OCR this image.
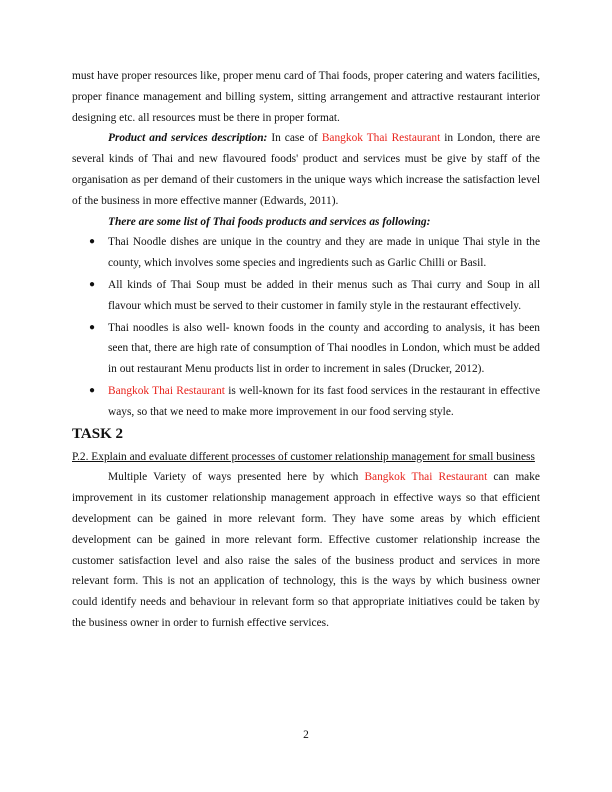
must have proper resources like, proper menu card of Thai foods, proper catering and waters facilities, proper finance management and billing system, sitting arrangement and attractive restaurant interior designing etc. all resources must be there in proper format.

Product and services description: In case of Bangkok Thai Restaurant in London, there are several kinds of Thai and new flavoured foods' product and services must be give by staff of the organisation as per demand of their customers in the unique ways which increase the satisfaction level of the business in more effective manner (Edwards, 2011).

There are some list of Thai foods products and services as following:

● Thai Noodle dishes are unique in the country and they are made in unique Thai style in the county, which involves some species and ingredients such as Garlic Chilli or Basil.
● All kinds of Thai Soup must be added in their menus such as Thai curry and Soup in all flavour which must be served to their customer in family style in the restaurant effectively.
● Thai noodles is also well- known foods in the county and according to analysis, it has been seen that, there are high rate of consumption of Thai noodles in London, which must be added in out restaurant Menu products list in order to increment in sales (Drucker, 2012).
● Bangkok Thai Restaurant is well-known for its fast food services in the restaurant in effective ways, so that we need to make more improvement in our food serving style.
TASK 2

P.2. Explain and evaluate different processes of customer relationship management for small business

Multiple Variety of ways presented here by which Bangkok Thai Restaurant can make improvement in its customer relationship management approach in effective ways so that efficient development can be gained in more relevant form. They have some areas by which efficient development can be gained in more relevant form. Effective customer relationship increase the customer satisfaction level and also raise the sales of the business product and services in more relevant form. This is not an application of technology, this is the ways by which business owner could identify needs and behaviour in relevant form so that appropriate initiatives could be taken by the business owner in order to furnish effective services.

2
